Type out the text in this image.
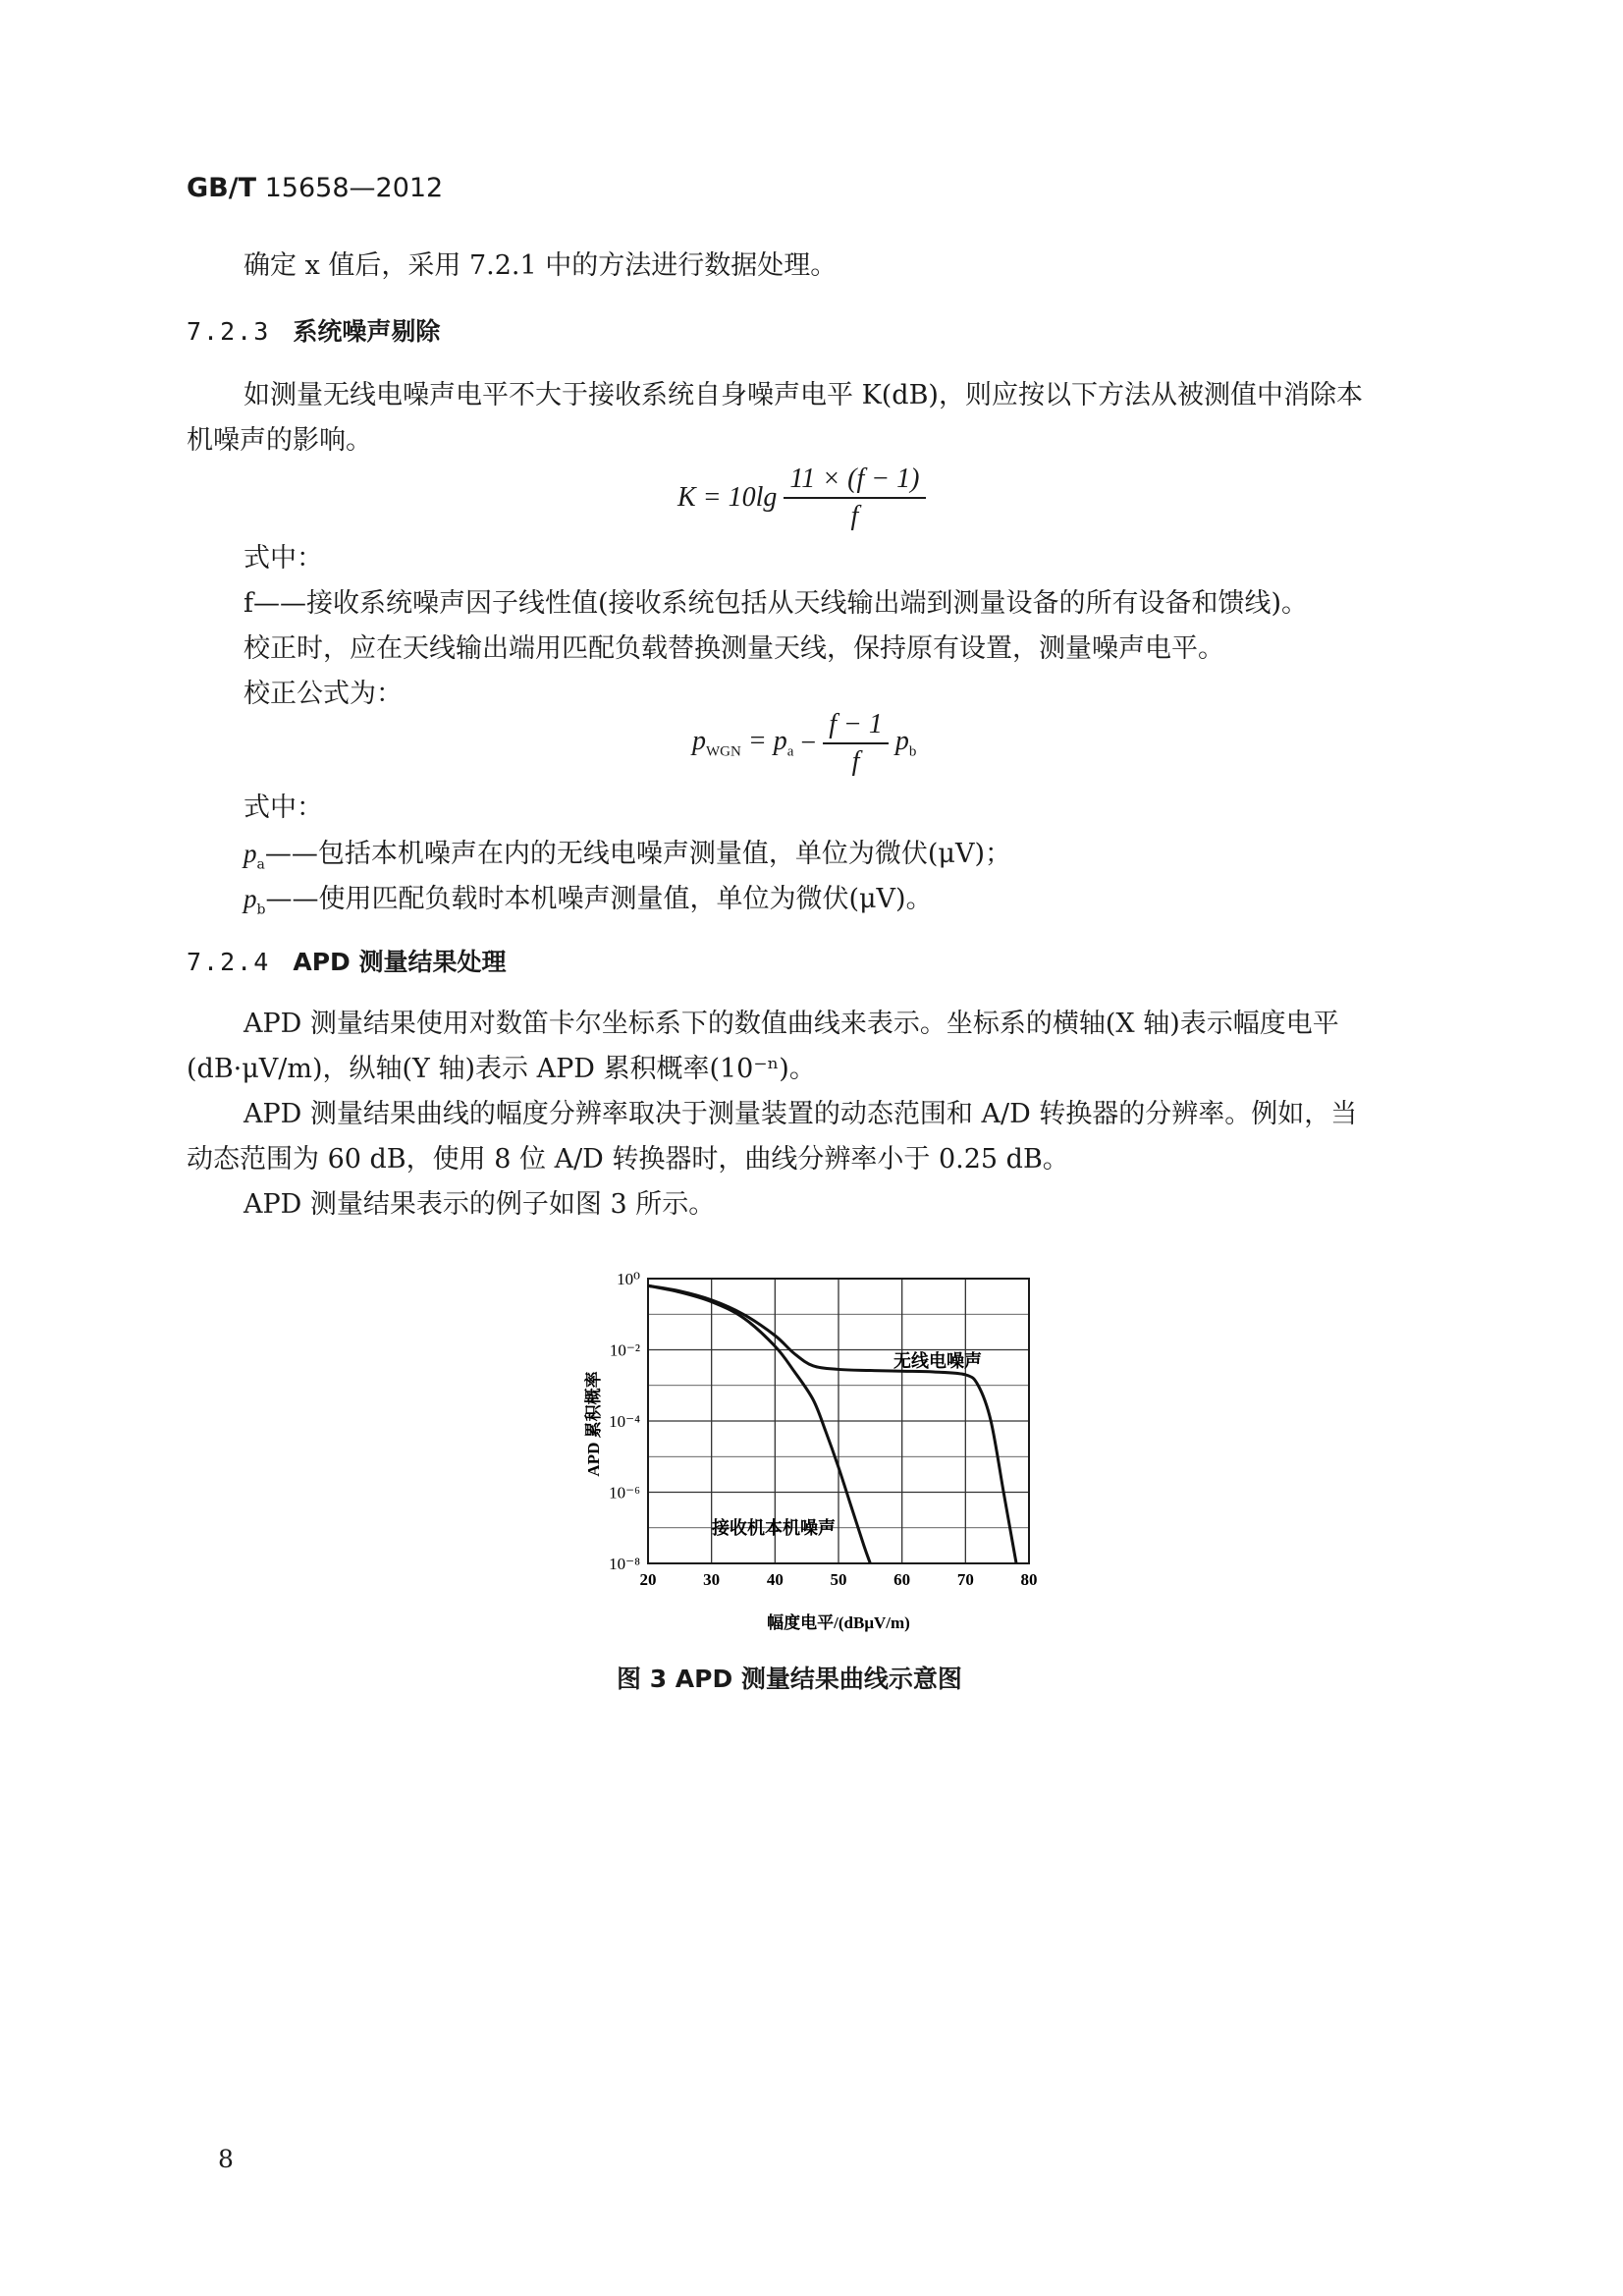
GB/T 15658—2012
确定 x 值后，采用 7.2.1 中的方法进行数据处理。
7.2.3 系统噪声剔除
如测量无线电噪声电平不大于接收系统自身噪声电平 K(dB)，则应按以下方法从被测值中消除本
机噪声的影响。
$K = 10\lg \frac{11 \times (f - 1)}{f}$
式中：
f——接收系统噪声因子线性值(接收系统包括从天线输出端到测量设备的所有设备和馈线)。
校正时，应在天线输出端用匹配负载替换测量天线，保持原有设置，测量噪声电平。
校正公式为：
$p_{WGN} = p_a - \frac{f - 1}{f} p_b$
式中：
$p_a——$包括本机噪声在内的无线电噪声测量值，单位为微伏(μV)；
$p_b——$使用匹配负载时本机噪声测量值，单位为微伏(μV)。
7.2.4 APD 测量结果处理
APD 测量结果使用对数笛卡尔坐标系下的数值曲线来表示。坐标系的横轴(X 轴)表示幅度电平
(dB·μV/m)，纵轴(Y 轴)表示 APD 累积概率(10⁻ⁿ)。
APD 测量结果曲线的幅度分辨率取决于测量装置的动态范围和 A/D 转换器的分辨率。例如，当
动态范围为 60 dB，使用 8 位 A/D 转换器时，曲线分辨率小于 0.25 dB。
APD 测量结果表示的例子如图 3 所示。
10⁰
10⁻²
10⁻⁴
10⁻⁶
10⁻⁸
20	30	40	50	60	70	80
无线电噪声
接收机本机噪声
APD 累积概率
幅度电平/(dBμV/m)
图 3 APD 测量结果曲线示意图
8
